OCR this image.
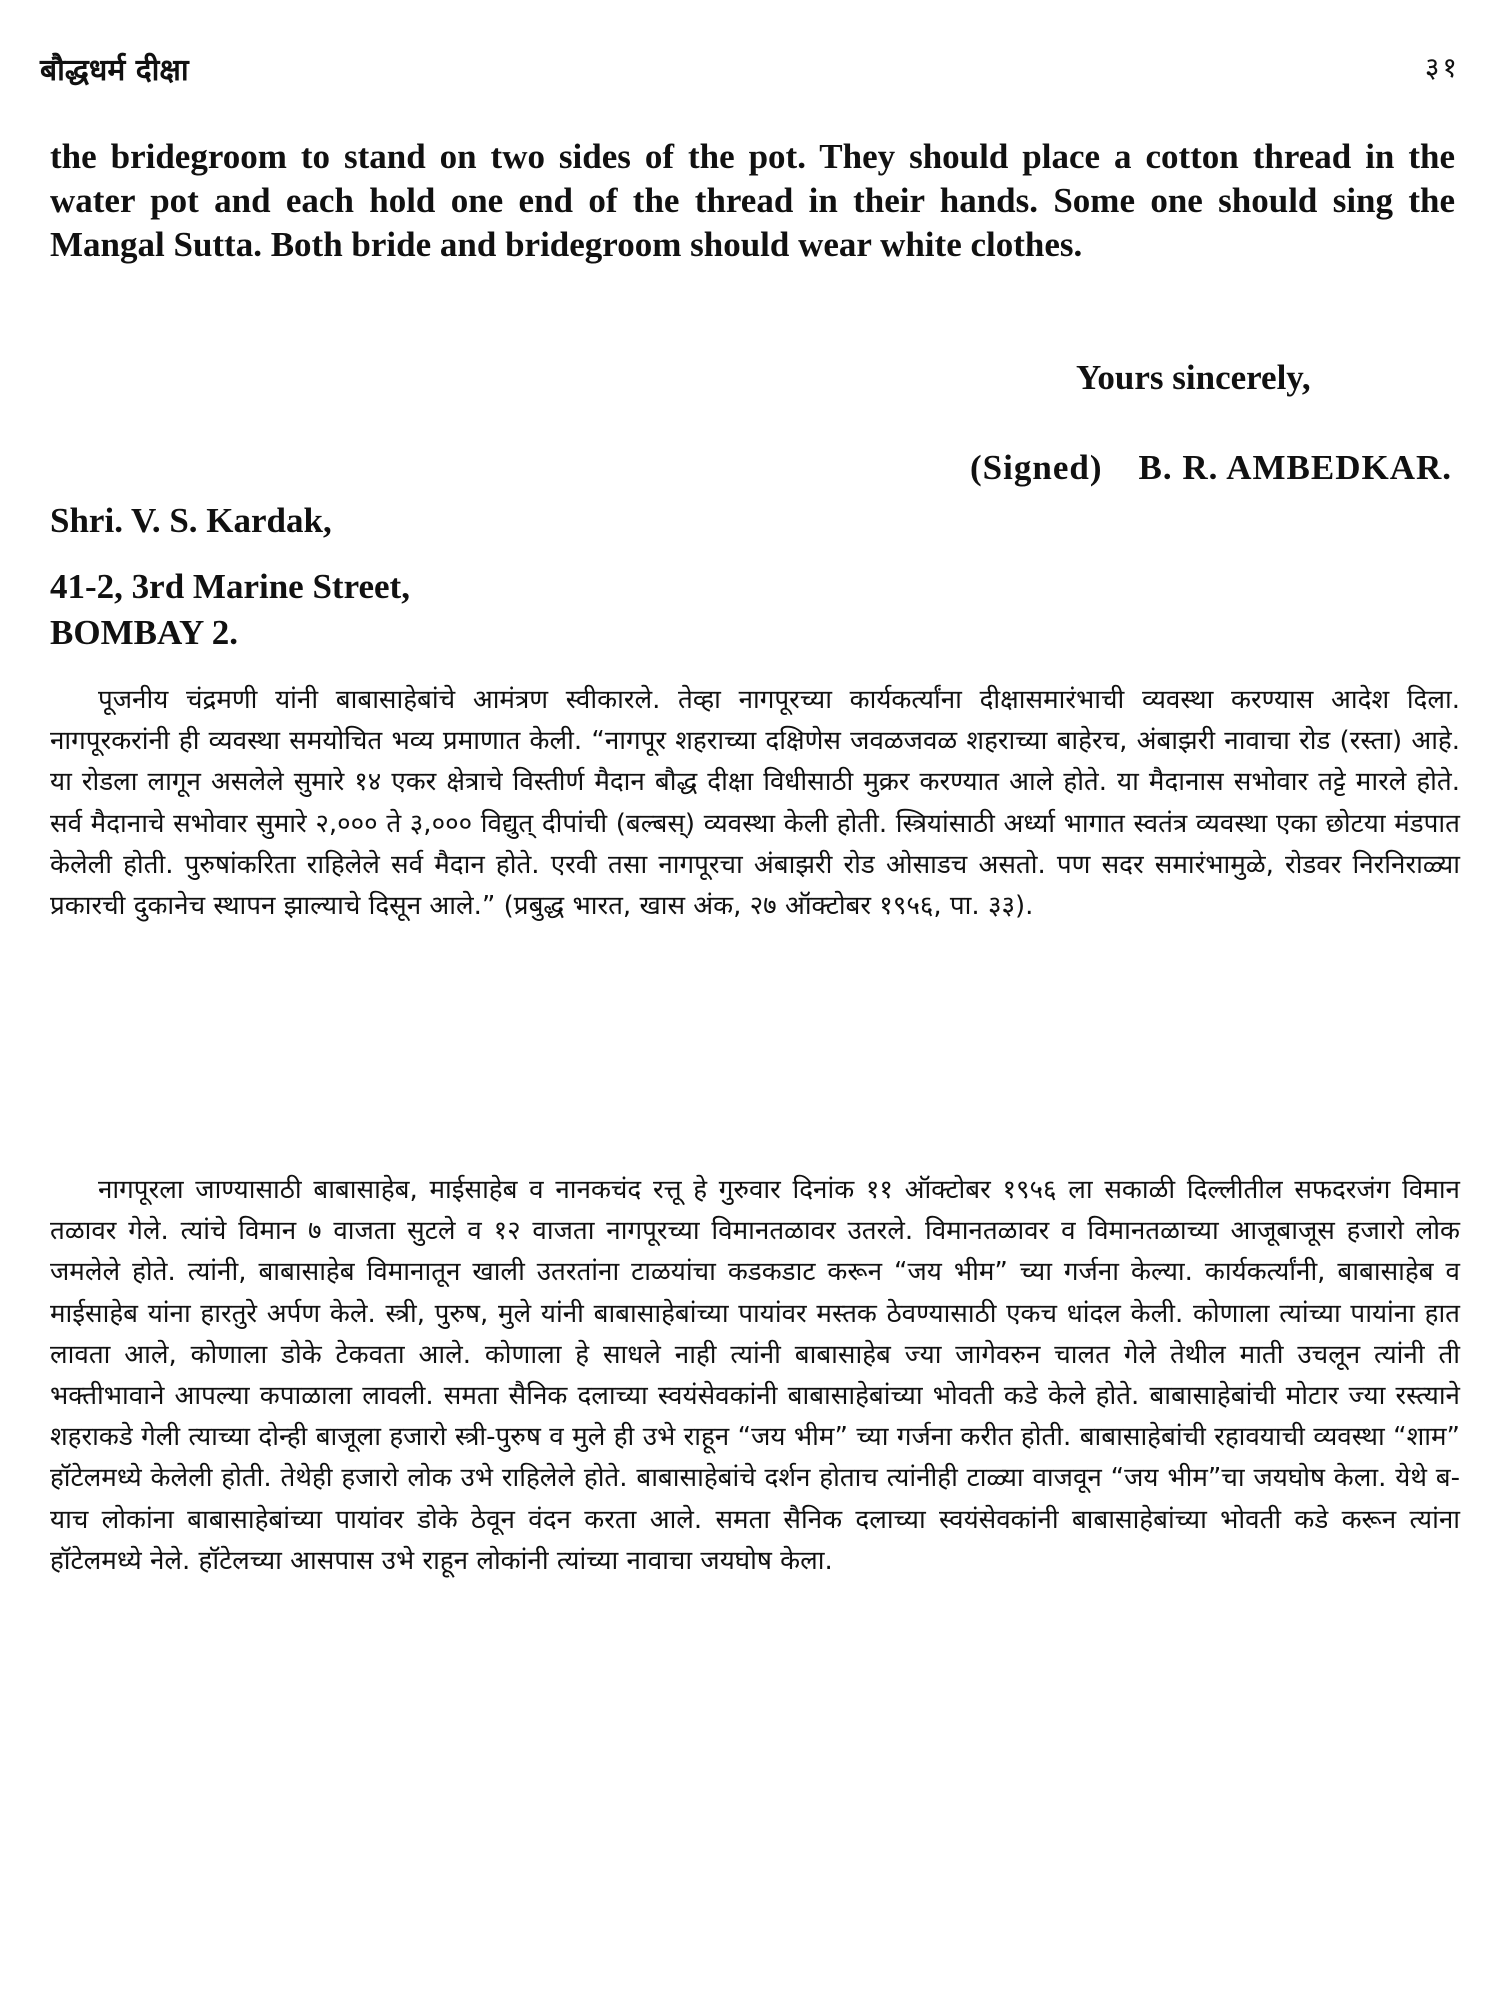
बौद्धधर्म दीक्षा	३१

the bridegroom to stand on two sides of the pot. They should place a cotton thread in the water pot and each hold one end of the thread in their hands. Some one should sing the Mangal Sutta. Both bride and bridegroom should wear white clothes.

Yours sincerely,
(Signed) B. R. AMBEDKAR.
Shri. V. S. Kardak,
41-2, 3rd Marine Street,
BOMBAY 2.

पूजनीय चंद्रमणी यांनी बाबासाहेबांचे आमंत्रण स्वीकारले. तेव्हा नागपूरच्या कार्यकर्त्यांना दीक्षासमारंभाची व्यवस्था करण्यास आदेश दिला. नागपूरकरांनी ही व्यवस्था समयोचित भव्य प्रमाणात केली. “नागपूर शहराच्या दक्षिणेस जवळजवळ शहराच्या बाहेरच, अंबाझरी नावाचा रोड (रस्ता) आहे. या रोडला लागून असलेले सुमारे १४ एकर क्षेत्राचे विस्तीर्ण मैदान बौद्ध दीक्षा विधीसाठी मुक्रर करण्यात आले होते. या मैदानास सभोवार तट्टे मारले होते. सर्व मैदानाचे सभोवार सुमारे २,००० ते ३,००० विद्युत् दीपांची (बल्बस्) व्यवस्था केली होती. स्त्रियांसाठी अर्ध्या भागात स्वतंत्र व्यवस्था एका छोटया मंडपात केलेली होती. पुरुषांकरिता राहिलेले सर्व मैदान होते. एरवी तसा नागपूरचा अंबाझरी रोड ओसाडच असतो. पण सदर समारंभामुळे, रोडवर निरनिराळ्या प्रकारची दुकानेच स्थापन झाल्याचे दिसून आले.” (प्रबुद्ध भारत, खास अंक, २७ ऑक्टोबर १९५६, पा. ३३).

नागपूरला जाण्यासाठी बाबासाहेब, माईसाहेब व नानकचंद रत्तू हे गुरुवार दिनांक ११ ऑक्टोबर १९५६ ला सकाळी दिल्लीतील सफदरजंग विमान तळावर गेले. त्यांचे विमान ७ वाजता सुटले व १२ वाजता नागपूरच्या विमानतळावर उतरले. विमानतळावर व विमानतळाच्या आजूबाजूस हजारो लोक जमलेले होते. त्यांनी, बाबासाहेब विमानातून खाली उतरतांना टाळयांचा कडकडाट करून “जय भीम” च्या गर्जना केल्या. कार्यकर्त्यांनी, बाबासाहेब व माईसाहेब यांना हारतुरे अर्पण केले. स्त्री, पुरुष, मुले यांनी बाबासाहेबांच्या पायांवर मस्तक ठेवण्यासाठी एकच धांदल केली. कोणाला त्यांच्या पायांना हात लावता आले, कोणाला डोके टेकवता आले. कोणाला हे साधले नाही त्यांनी बाबासाहेब ज्या जागेवरुन चालत गेले तेथील माती उचलून त्यांनी ती भक्तीभावाने आपल्या कपाळाला लावली. समता सैनिक दलाच्या स्वयंसेवकांनी बाबासाहेबांच्या भोवती कडे केले होते. बाबासाहेबांची मोटार ज्या रस्त्याने शहराकडे गेली त्याच्या दोन्ही बाजूला हजारो स्त्री-पुरुष व मुले ही उभे राहून “जय भीम” च्या गर्जना करीत होती. बाबासाहेबांची रहावयाची व्यवस्था “शाम” हॉटेलमध्ये केलेली होती. तेथेही हजारो लोक उभे राहिलेले होते. बाबासाहेबांचे दर्शन होताच त्यांनीही टाळ्या वाजवून “जय भीम”चा जयघोष केला. येथे ब-याच लोकांना बाबासाहेबांच्या पायांवर डोके ठेवून वंदन करता आले. समता सैनिक दलाच्या स्वयंसेवकांनी बाबासाहेबांच्या भोवती कडे करून त्यांना हॉटेलमध्ये नेले. हॉटेलच्या आसपास उभे राहून लोकांनी त्यांच्या नावाचा जयघोष केला.
